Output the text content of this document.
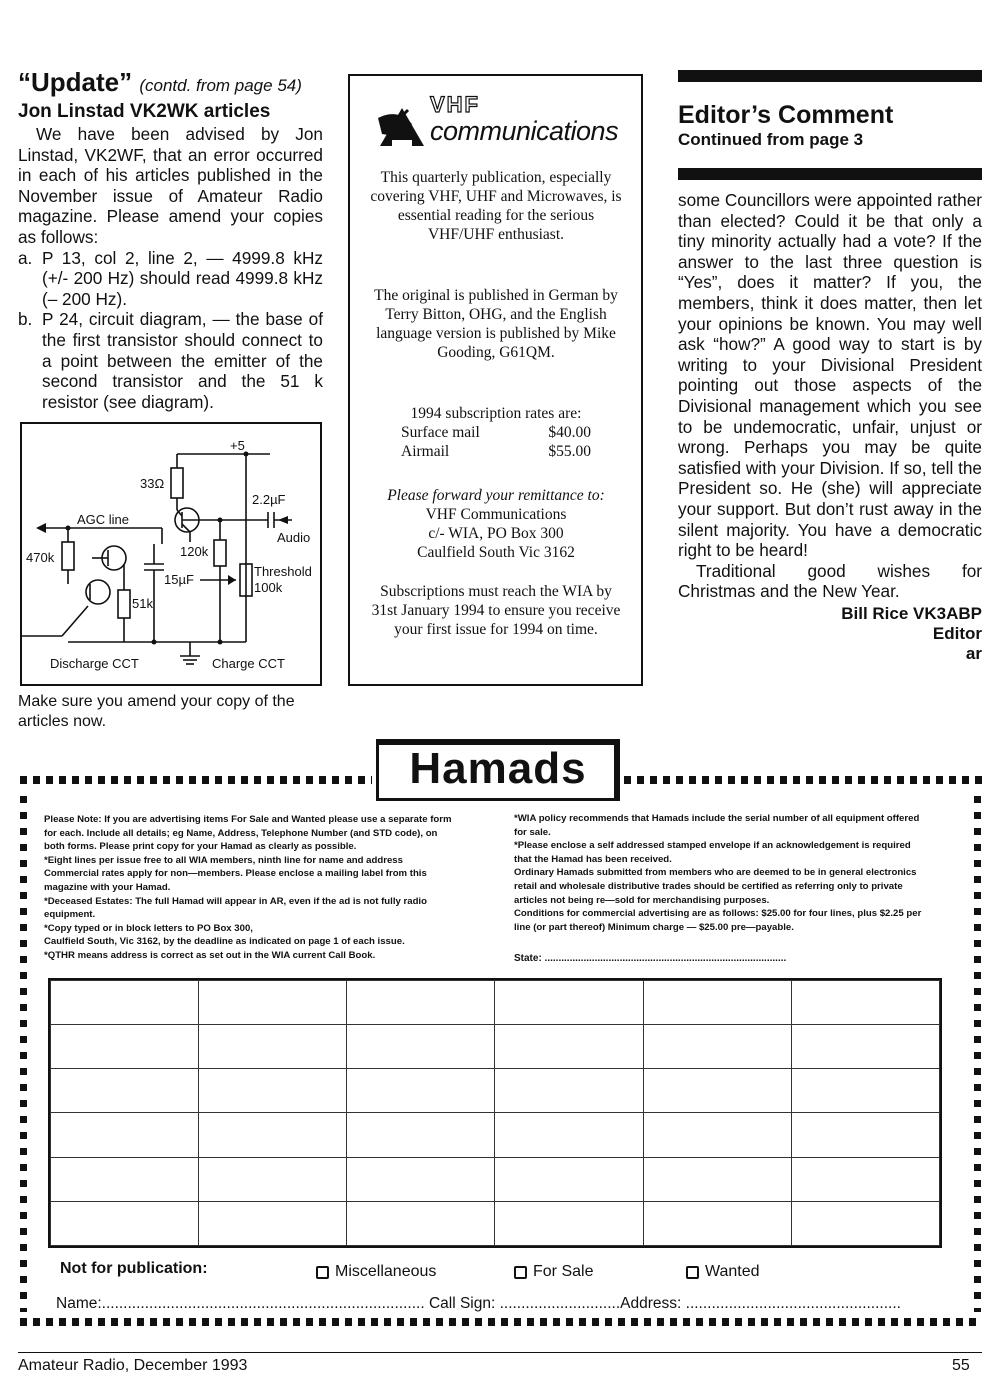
“Update” (contd. from page 54)
Jon Linstad VK2WK articles
We have been advised by Jon Linstad, VK2WF, that an error occurred in each of his articles published in the November issue of Amateur Radio magazine. Please amend your copies as follows:
a. P 13, col 2, line 2, — 4999.8 kHz (+/- 200 Hz) should read 4999.8 kHz (– 200 Hz).
b. P 24, circuit diagram, — the base of the first transistor should connect to a point between the emitter of the second transistor and the 51 k resistor (see diagram).
+5
33Ω
2.2µF
AGC line
Audio
470k	120k
15µF
Threshold
100k
51k
Discharge CCT	Charge CCT
Make sure you amend your copy of the articles now.
VHF
communications
This quarterly publication, especially covering VHF, UHF and Microwaves, is essential reading for the serious VHF/UHF enthusiast.
The original is published in German by Terry Bitton, OHG, and the English language version is published by Mike Gooding, G61QM.
1994 subscription rates are:
Surface mail	$40.00
Airmail	$55.00
Please forward your remittance to:
VHF Communications
c/- WIA, PO Box 300
Caulfield South Vic 3162
Subscriptions must reach the WIA by 31st January 1994 to ensure you receive your first issue for 1994 on time.
Editor’s Comment
Continued from page 3
some Councillors were appointed rather than elected? Could it be that only a tiny minority actually had a vote? If the answer to the last three question is “Yes”, does it matter? If you, the members, think it does matter, then let your opinions be known. You may well ask “how?” A good way to start is by writing to your Divisional President pointing out those aspects of the Divisional management which you see to be undemocratic, unfair, unjust or wrong. Perhaps you may be quite satisfied with your Division. If so, tell the President so. He (she) will appreciate your support. But don’t rust away in the silent majority. You have a democratic right to be heard!
Traditional good wishes for Christmas and the New Year.
Bill Rice VK3ABP
Editor
ar
Hamads
Please Note: If you are advertising items For Sale and Wanted please use a separate form
for each. Include all details; eg Name, Address, Telephone Number (and STD code), on
both forms. Please print copy for your Hamad as clearly as possible.
*Eight lines per issue free to all WIA members, ninth line for name and address
Commercial rates apply for non—members. Please enclose a mailing label from this
magazine with your Hamad.
*Deceased Estates: The full Hamad will appear in AR, even if the ad is not fully radio
equipment.
*Copy typed or in block letters to PO Box 300,
Caulfield South, Vic 3162, by the deadline as indicated on page 1 of each issue.
*QTHR means address is correct as set out in the WIA current Call Book.
*WIA policy recommends that Hamads include the serial number of all equipment offered
for sale.
*Please enclose a self addressed stamped envelope if an acknowledgement is required
that the Hamad has been received.
Ordinary Hamads submitted from members who are deemed to be in general electronics
retail and wholesale distributive trades should be certified as referring only to private
articles not being re—sold for merchandising purposes.
Conditions for commercial advertising are as follows: $25.00 for four lines, plus $2.25 per
line (or part thereof) Minimum charge — $25.00 pre—payable.
State: .......................................................................................

Not for publication:	Miscellaneous	For Sale	Wanted
Name:........................................................................... Call Sign: ............................Address: ..................................................
Amateur Radio, December 1993	55
